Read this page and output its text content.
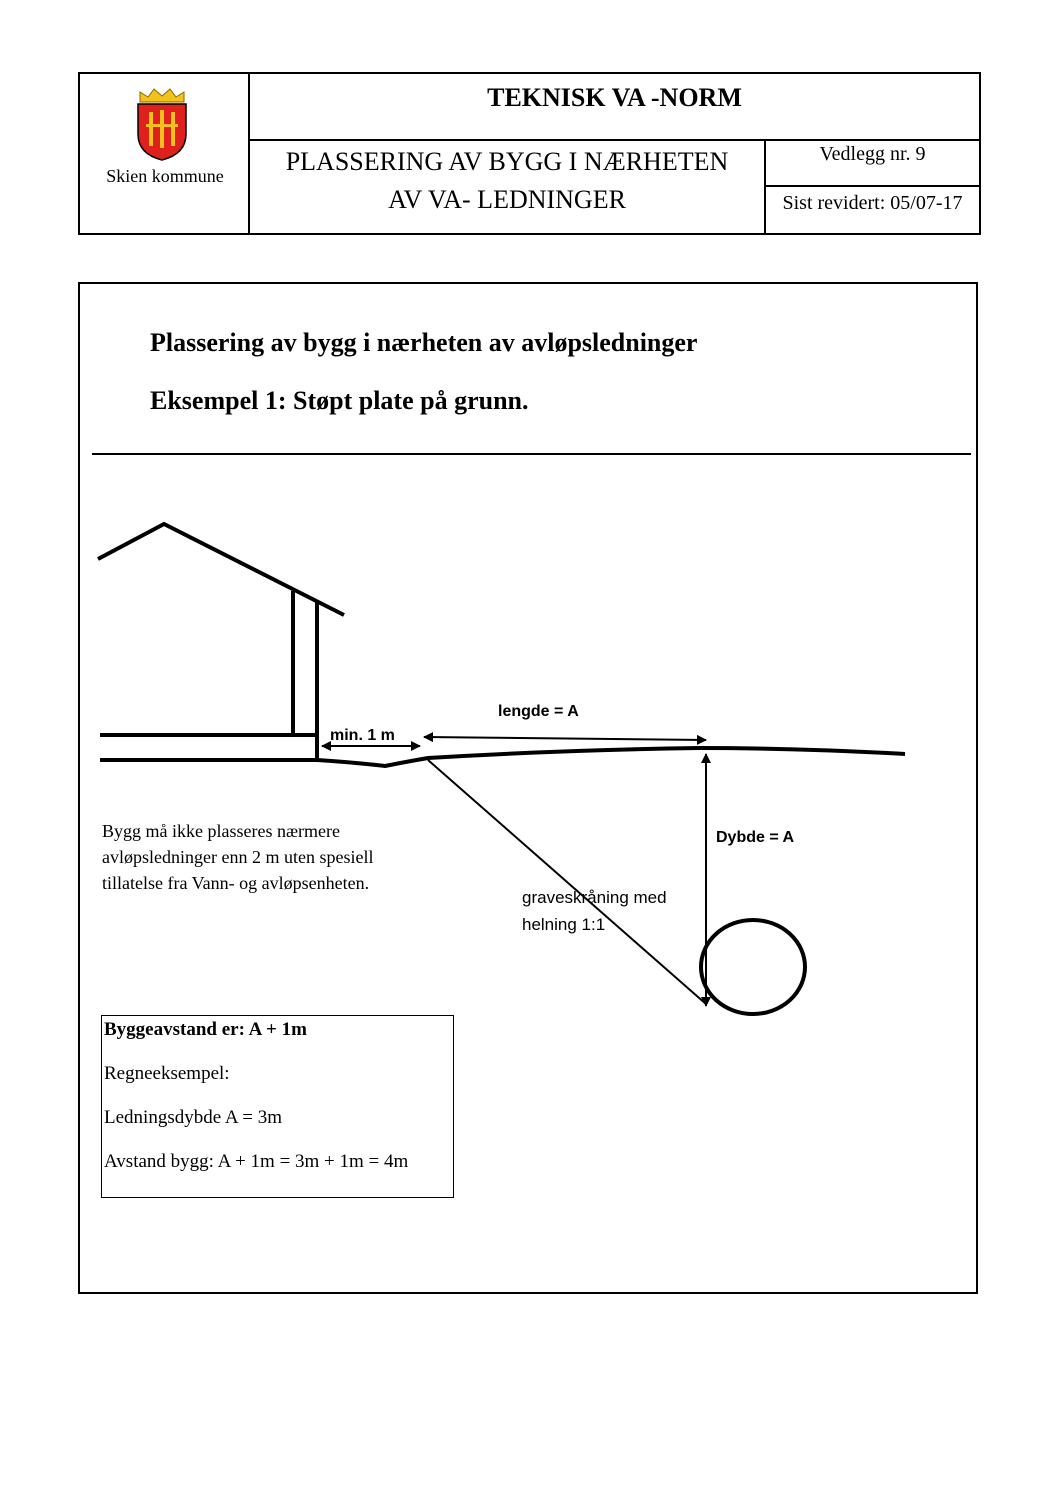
Skien kommune
TEKNISK VA -NORM
PLASSERING AV BYGG I NÆRHETEN
AV VA- LEDNINGER
Vedlegg nr. 9
Sist revidert: 05/07-17
Plassering av bygg i nærheten av avløpsledninger
Eksempel 1: Støpt plate på grunn.
min. 1 m
lengde = A
Dybde = A
graveskråning med
helning 1:1
Bygg må ikke plasseres nærmere
avløpsledninger enn 2 m uten spesiell
tillatelse fra Vann- og avløpsenheten.
Byggeavstand er: A + 1m
Regneeksempel:
Ledningsdybde A = 3m
Avstand bygg: A + 1m = 3m + 1m = 4m
